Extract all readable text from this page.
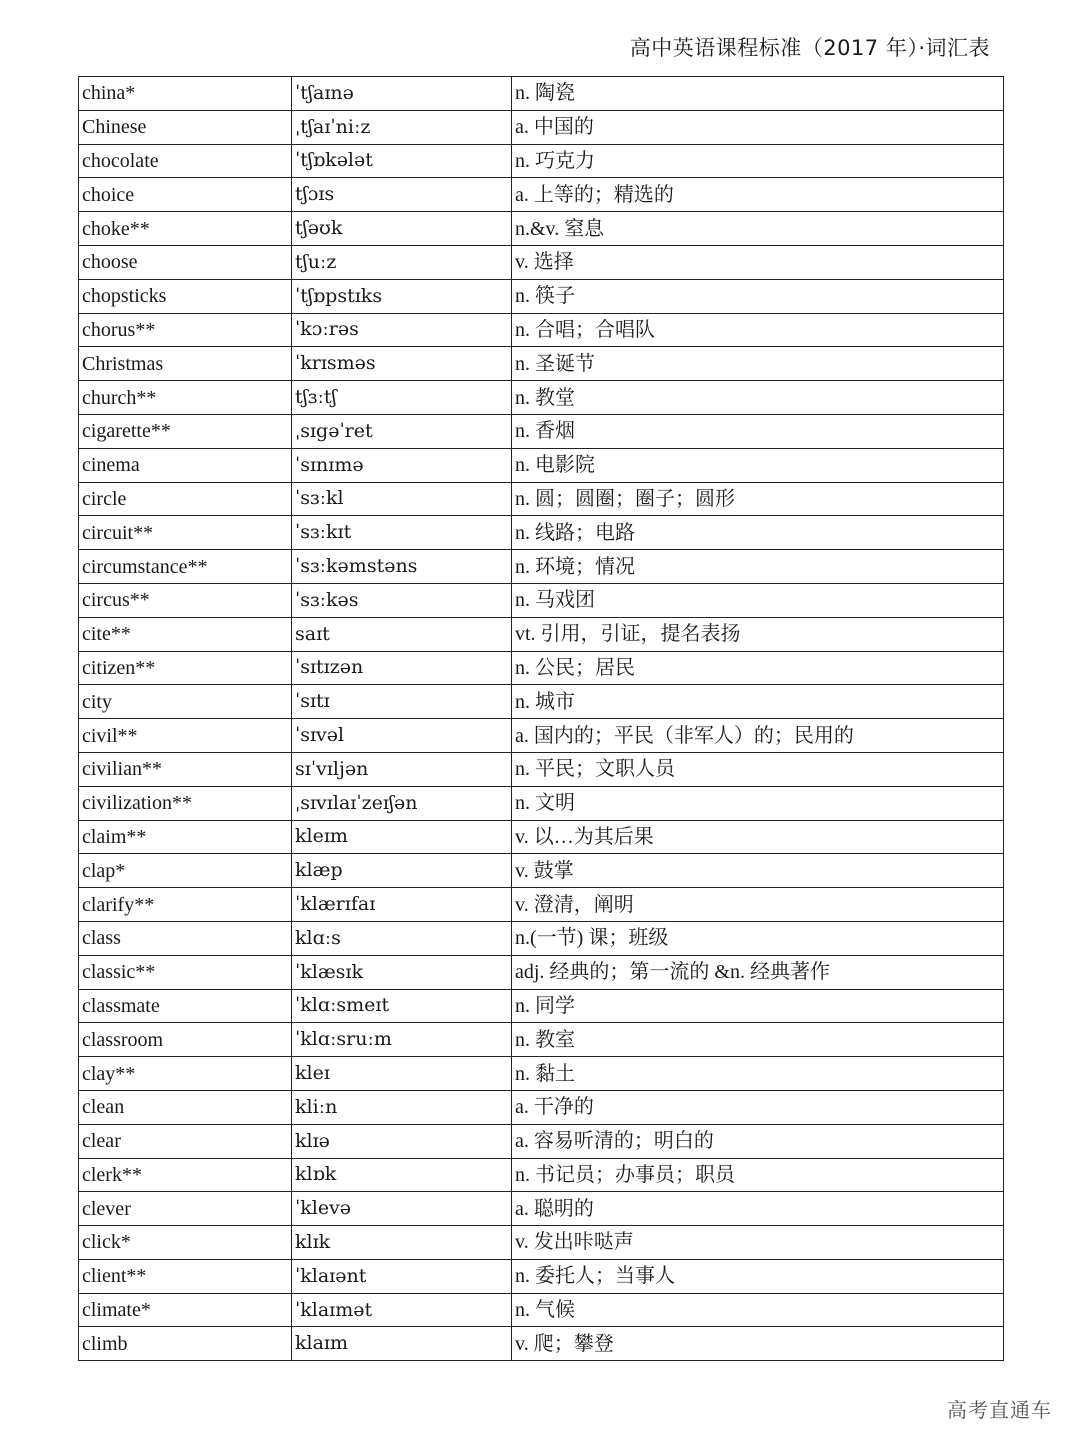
高中英语课程标准（2017 年）·词汇表
china*	ˈtʃaɪnə	n. 陶瓷
Chinese	ˌtʃaɪˈniːz	a. 中国的
chocolate	ˈtʃɒkələt	n. 巧克力
choice	tʃɔɪs	a. 上等的；精选的
choke**	tʃəʊk	n.&v. 窒息
choose	tʃuːz	v. 选择
chopsticks	ˈtʃɒpstɪks	n. 筷子
chorus**	ˈkɔːrəs	n. 合唱；合唱队
Christmas	ˈkrɪsməs	n. 圣诞节
church**	tʃɜːtʃ	n. 教堂
cigarette**	ˌsɪgəˈret	n. 香烟
cinema	ˈsɪnɪmə	n. 电影院
circle	ˈsɜːkl	n. 圆；圆圈；圈子；圆形
circuit**	ˈsɜːkɪt	n. 线路；电路
circumstance**	ˈsɜːkəmstəns	n. 环境；情况
circus**	ˈsɜːkəs	n. 马戏团
cite**	saɪt	vt. 引用，引证，提名表扬
citizen**	ˈsɪtɪzən	n. 公民；居民
city	ˈsɪtɪ	n. 城市
civil**	ˈsɪvəl	a. 国内的；平民（非军人）的；民用的
civilian**	sɪˈvɪljən	n. 平民；文职人员
civilization**	ˌsɪvɪlaɪˈzeɪʃən	n. 文明
claim**	kleɪm	v. 以…为其后果
clap*	klæp	v. 鼓掌
clarify**	ˈklærɪfaɪ	v. 澄清，阐明
class	klɑːs	n.(一节) 课；班级
classic**	ˈklæsɪk	adj. 经典的；第一流的 &n. 经典著作
classmate	ˈklɑːsmeɪt	n. 同学
classroom	ˈklɑːsruːm	n. 教室
clay**	kleɪ	n. 黏土
clean	kliːn	a. 干净的
clear	klɪə	a. 容易听清的；明白的
clerk**	klɒk	n. 书记员；办事员；职员
clever	ˈklevə	a. 聪明的
click*	klɪk	v. 发出咔哒声
client**	ˈklaɪənt	n. 委托人；当事人
climate*	ˈklaɪmət	n. 气候
climb	klaɪm	v. 爬；攀登
高考直通车
